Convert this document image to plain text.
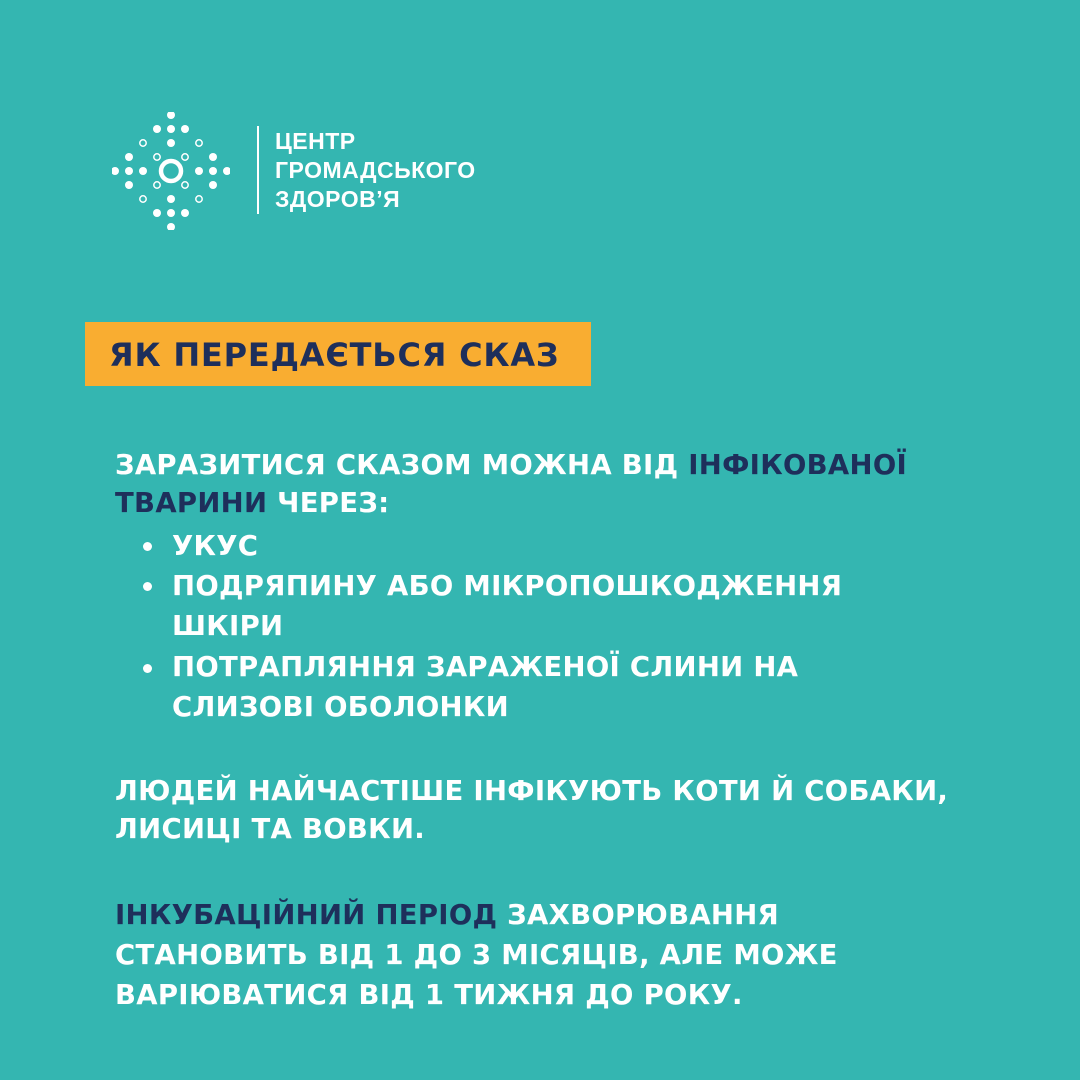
ЦЕНТР
ГРОМАДСЬКОГО
ЗДОРОВ’Я
ЯК ПЕРЕДАЄТЬСЯ СКАЗ
ЗАРАЗИТИСЯ СКАЗОМ МОЖНА ВІД ІНФІКОВАНОЇ
ТВАРИНИ ЧЕРЕЗ:
УКУС
ПОДРЯПИНУ АБО МІКРОПОШКОДЖЕННЯ
ШКІРИ
ПОТРАПЛЯННЯ ЗАРАЖЕНОЇ СЛИНИ НА
СЛИЗОВІ ОБОЛОНКИ
ЛЮДЕЙ НАЙЧАСТІШЕ ІНФІКУЮТЬ КОТИ Й СОБАКИ,
ЛИСИЦІ ТА ВОВКИ.
ІНКУБАЦІЙНИЙ ПЕРІОД ЗАХВОРЮВАННЯ
СТАНОВИТЬ ВІД 1 ДО 3 МІСЯЦІВ, АЛЕ МОЖЕ
ВАРІЮВАТИСЯ ВІД 1 ТИЖНЯ ДО РОКУ.
